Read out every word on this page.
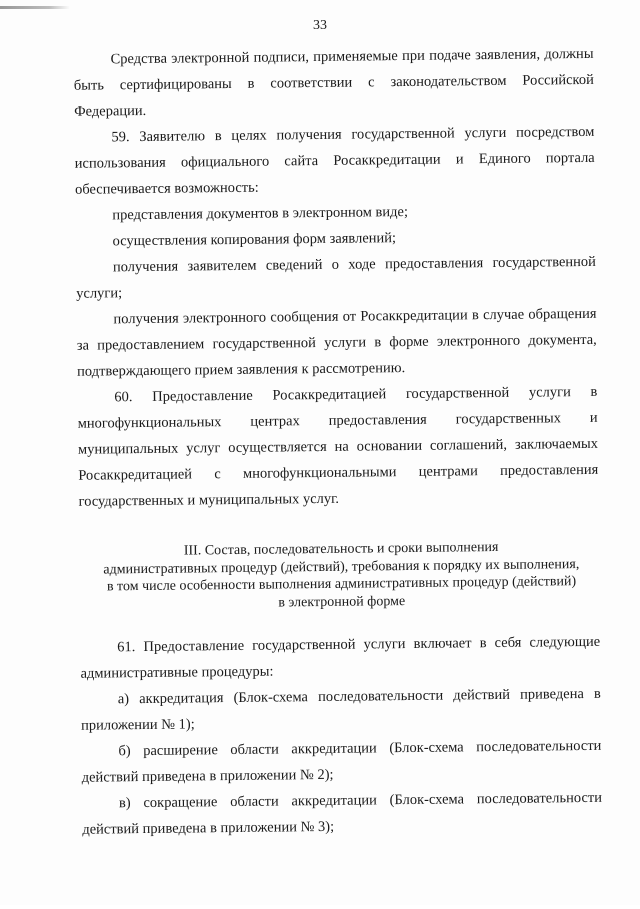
33
Средства электронной подписи, применяемые при подаче заявления, должны быть сертифицированы в соответствии с законодательством Российской Федерации.
59. Заявителю в целях получения государственной услуги посредством использования официального сайта Росаккредитации и Единого портала обеспечивается возможность:
представления документов в электронном виде;
осуществления копирования форм заявлений;
получения заявителем сведений о ходе предоставления государственной услуги;
получения электронного сообщения от Росаккредитации в случае обращения за предоставлением государственной услуги в форме электронного документа, подтверждающего прием заявления к рассмотрению.
60. Предоставление Росаккредитацией государственной услуги в многофункциональных центрах предоставления государственных и муниципальных услуг осуществляется на основании соглашений, заключаемых Росаккредитацией с многофункциональными центрами предоставления государственных и муниципальных услуг.
III. Состав, последовательность и сроки выполнения
административных процедур (действий), требования к порядку их выполнения,
в том числе особенности выполнения административных процедур (действий)
в электронной форме
61. Предоставление государственной услуги включает в себя следующие административные процедуры:
а) аккредитация (Блок-схема последовательности действий приведена в приложении № 1);
б) расширение области аккредитации (Блок-схема последовательности действий приведена в приложении № 2);
в) сокращение области аккредитации (Блок-схема последовательности действий приведена в приложении № 3);
